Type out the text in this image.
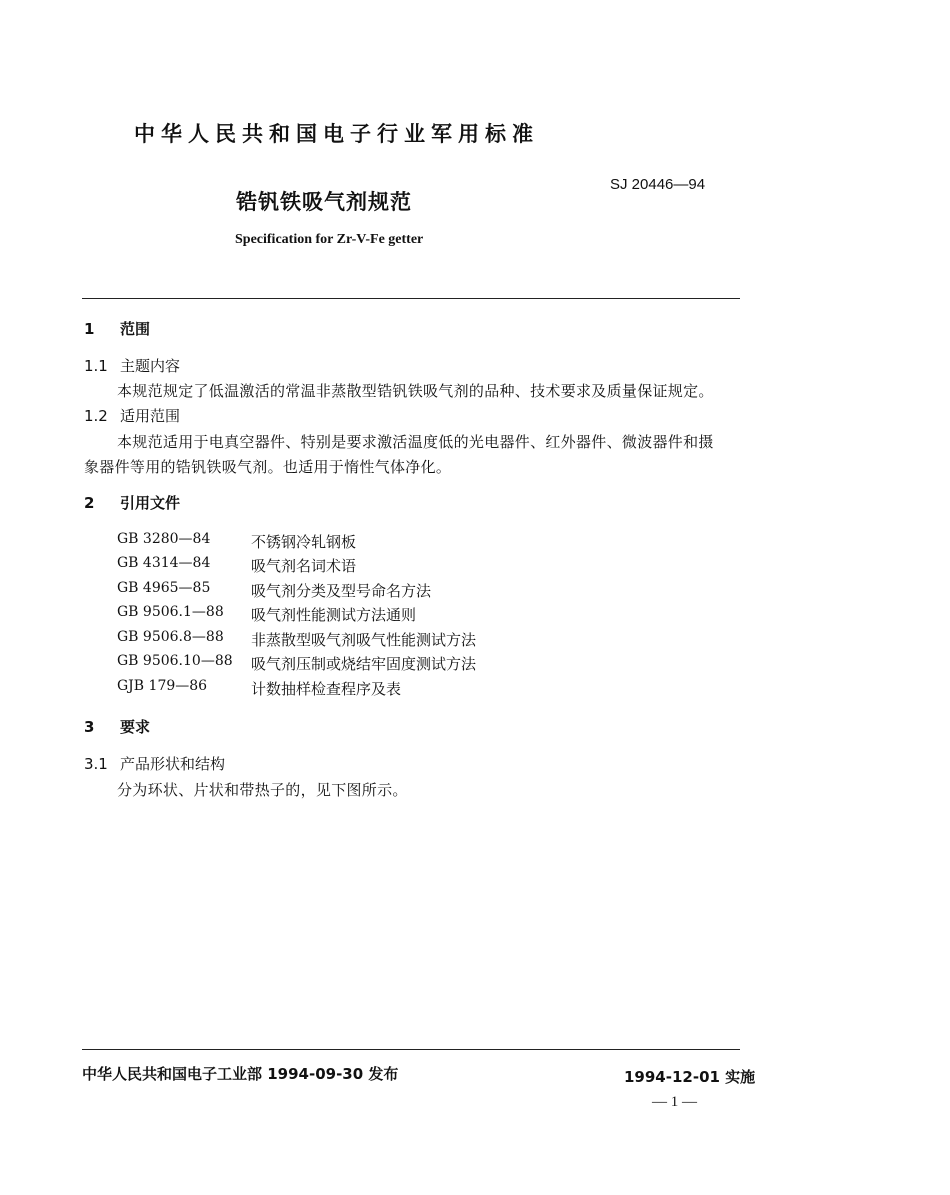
中华人民共和国电子行业军用标准
SJ 20446—94
锆钒铁吸气剂规范
Specification for Zr-V-Fe getter
1 范围
1.1 主题内容
本规范规定了低温激活的常温非蒸散型锆钒铁吸气剂的品种、技术要求及质量保证规定。
1.2 适用范围
本规范适用于电真空器件、特别是要求激活温度低的光电器件、红外器件、微波器件和摄
象器件等用的锆钒铁吸气剂。也适用于惰性气体净化。
2 引用文件
GB 3280—84	不锈钢冷轧钢板
GB 4314—84	吸气剂名词术语
GB 4965—85	吸气剂分类及型号命名方法
GB 9506.1—88 吸气剂性能测试方法通则
GB 9506.8—88 非蒸散型吸气剂吸气性能测试方法
GB 9506.10—88 吸气剂压制或烧结牢固度测试方法
GJB 179—86	计数抽样检查程序及表
3 要求
3.1 产品形状和结构
分为环状、片状和带热子的，见下图所示。
中华人民共和国电子工业部 1994-09-30 发布	1994-12-01 实施
— 1 —
